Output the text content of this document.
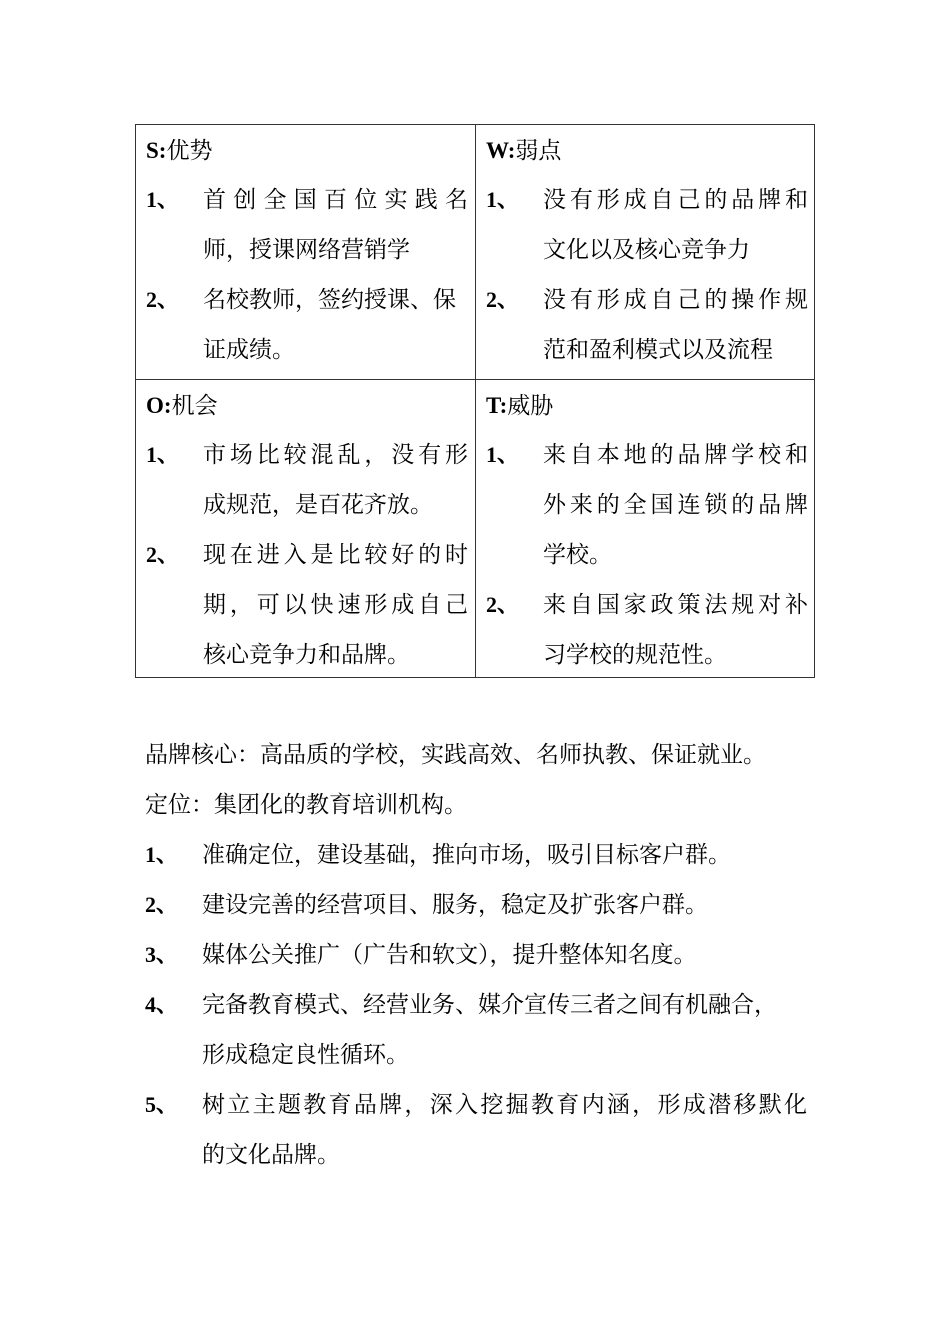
S:优势
1、 首创全国百位实践名
师，授课网络营销学
2、 名校教师，签约授课、保
证成绩。
W:弱点
1、 没有形成自己的品牌和
文化以及核心竞争力
2、 没有形成自己的操作规
范和盈利模式以及流程
O:机会
1、 市场比较混乱，没有形
成规范，是百花齐放。
2、 现在进入是比较好的时
期，可以快速形成自己
核心竞争力和品牌。
T:威胁
1、 来自本地的品牌学校和
外来的全国连锁的品牌
学校。
2、 来自国家政策法规对补
习学校的规范性。
品牌核心：高品质的学校，实践高效、名师执教、保证就业。
定位：集团化的教育培训机构。
1、 准确定位，建设基础，推向市场，吸引目标客户群。
2、 建设完善的经营项目、服务，稳定及扩张客户群。
3、 媒体公关推广（广告和软文），提升整体知名度。
4、 完备教育模式、经营业务、媒介宣传三者之间有机融合，
形成稳定良性循环。
5、 树立主题教育品牌，深入挖掘教育内涵，形成潜移默化
的文化品牌。
